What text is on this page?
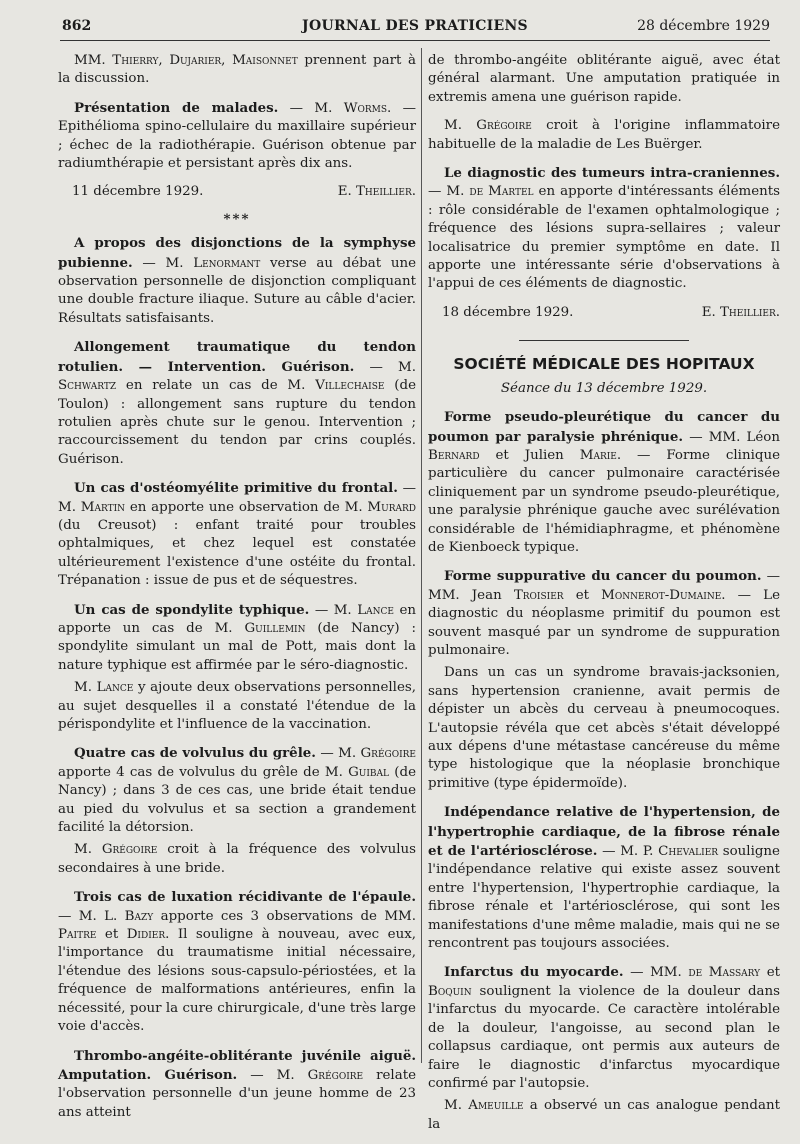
862	JOURNAL DES PRATICIENS	28 décembre 1929

MM. Thierry, Dujarier, Maisonnet prennent part à la discussion.

Présentation de malades. — M. Worms. — Epithélioma spino-cellulaire du maxillaire supérieur ; échec de la radiothérapie. Guérison obtenue par radiumthérapie et persistant après dix ans.

11 décembre 1929.	E. Theillier.
***

A propos des disjonctions de la symphyse pubienne. — M. Lenormant verse au débat une observation personnelle de disjonction compliquant une double fracture iliaque. Suture au câble d'acier. Résultats satisfaisants.

Allongement traumatique du tendon rotulien. — Intervention. Guérison. — M. Schwartz en relate un cas de M. Villechaise (de Toulon) : allongement sans rupture du tendon rotulien après chute sur le genou. Intervention ; raccourcissement du tendon par crins couplés. Guérison.

Un cas d'ostéomyélite primitive du frontal. — M. Martin en apporte une observation de M. Murard (du Creusot) : enfant traité pour troubles ophtalmiques, et chez lequel est constatée ultérieurement l'existence d'une ostéite du frontal. Trépanation : issue de pus et de séquestres.

Un cas de spondylite typhique. — M. Lance en apporte un cas de M. Guillemin (de Nancy) : spondylite simulant un mal de Pott, mais dont la nature typhique est affirmée par le séro-diagnostic.

M. Lance y ajoute deux observations personnelles, au sujet desquelles il a constaté l'étendue de la périspondylite et l'influence de la vaccination.

Quatre cas de volvulus du grêle. — M. Grégoire apporte 4 cas de volvulus du grêle de M. Guibal (de Nancy) ; dans 3 de ces cas, une bride était tendue au pied du volvulus et sa section a grandement facilité la détorsion.

M. Grégoire croit à la fréquence des volvulus secondaires à une bride.

Trois cas de luxation récidivante de l'épaule. — M. L. Bazy apporte ces 3 observations de MM. Paitre et Didier. Il souligne à nouveau, avec eux, l'importance du traumatisme initial nécessaire, l'étendue des lésions sous-capsulo-périostées, et la fréquence de malformations antérieures, enfin la nécessité, pour la cure chirurgicale, d'une très large voie d'accès.

Thrombo-angéite-oblitérante juvénile aiguë. Amputation. Guérison. — M. Grégoire relate l'observation personnelle d'un jeune homme de 23 ans atteint

de thrombo-angéite oblitérante aiguë, avec état général alarmant. Une amputation pratiquée in extremis amena une guérison rapide.

M. Grégoire croit à l'origine inflammatoire habituelle de la maladie de Les Buërger.

Le diagnostic des tumeurs intra-craniennes. — M. de Martel en apporte d'intéressants éléments : rôle considérable de l'examen ophtalmologique ; fréquence des lésions supra-sellaires ; valeur localisatrice du premier symptôme en date. Il apporte une intéressante série d'observations à l'appui de ces éléments de diagnostic.

18 décembre 1929.	E. Theillier.
SOCIÉTÉ MÉDICALE DES HOPITAUX
Séance du 13 décembre 1929.

Forme pseudo-pleurétique du cancer du poumon par paralysie phrénique. — MM. Léon Bernard et Julien Marie. — Forme clinique particulière du cancer pulmonaire caractérisée cliniquement par un syndrome pseudo-pleurétique, une paralysie phrénique gauche avec surélévation considérable de l'hémidiaphragme, et phénomène de Kienboeck typique.

Forme suppurative du cancer du poumon. — MM. Jean Troisier et Monnerot-Dumaine. — Le diagnostic du néoplasme primitif du poumon est souvent masqué par un syndrome de suppuration pulmonaire.

Dans un cas un syndrome bravais-jacksonien, sans hypertension cranienne, avait permis de dépister un abcès du cerveau à pneumocoques. L'autopsie révéla que cet abcès s'était développé aux dépens d'une métastase cancéreuse du même type histologique que la néoplasie bronchique primitive (type épidermoïde).

Indépendance relative de l'hypertension, de l'hypertrophie cardiaque, de la fibrose rénale et de l'artériosclérose. — M. P. Chevalier souligne l'indépendance relative qui existe assez souvent entre l'hypertension, l'hypertrophie cardiaque, la fibrose rénale et l'artériosclérose, qui sont les manifestations d'une même maladie, mais qui ne se rencontrent pas toujours associées.

Infarctus du myocarde. — MM. de Massary et Boquin soulignent la violence de la douleur dans l'infarctus du myocarde. Ce caractère intolérable de la douleur, l'angoisse, au second plan le collapsus cardiaque, ont permis aux auteurs de faire le diagnostic d'infarctus myocardique confirmé par l'autopsie.

M. Ameuille a observé un cas analogue pendant la
